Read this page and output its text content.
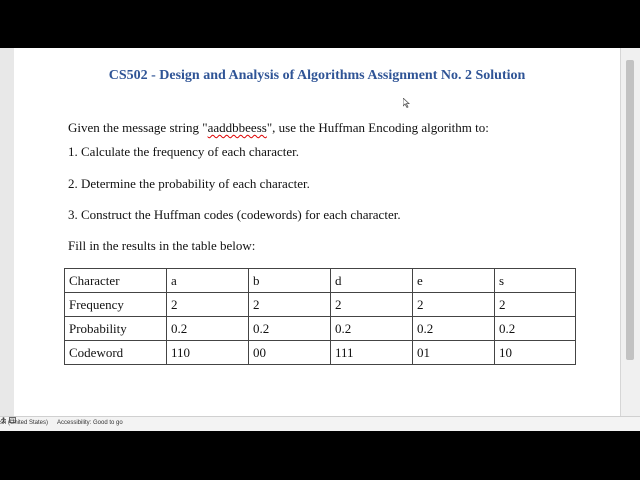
CS502 - Design and Analysis of Algorithms Assignment No. 2 Solution
Given the message string "aaddbbeess", use the Huffman Encoding algorithm to:
1. Calculate the frequency of each character.
2. Determine the probability of each character.
3. Construct the Huffman codes (codewords) for each character.
Fill in the results in the table below:
Character	a	b	d	e	s
Frequency	2	2	2	2	2
Probability	0.2	0.2	0.2	0.2	0.2
Codeword	110	00	111	01	10
sh (United States)
Accessibility: Good to go
